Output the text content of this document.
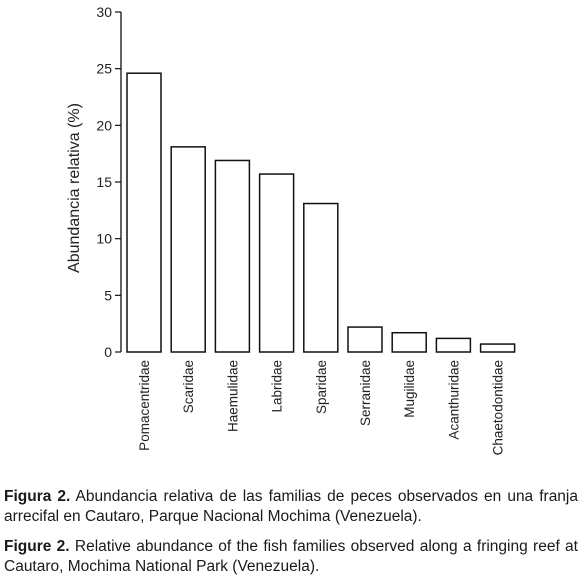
0
5
10
15
20
25
30
Pomacentridae Scaridae Haemulidae Labridae Sparidae Serranidae Mugilidae Acanthuridae Chaetodontidae
Abundancia relativa (%)
Figura 2. Abundancia relativa de las familias de peces observados en una franja arrecifal en Cautaro, Parque Nacional Mochima (Venezuela).
Figure 2. Relative abundance of the fish families observed along a fringing reef at Cautaro, Mochima National Park (Venezuela).
